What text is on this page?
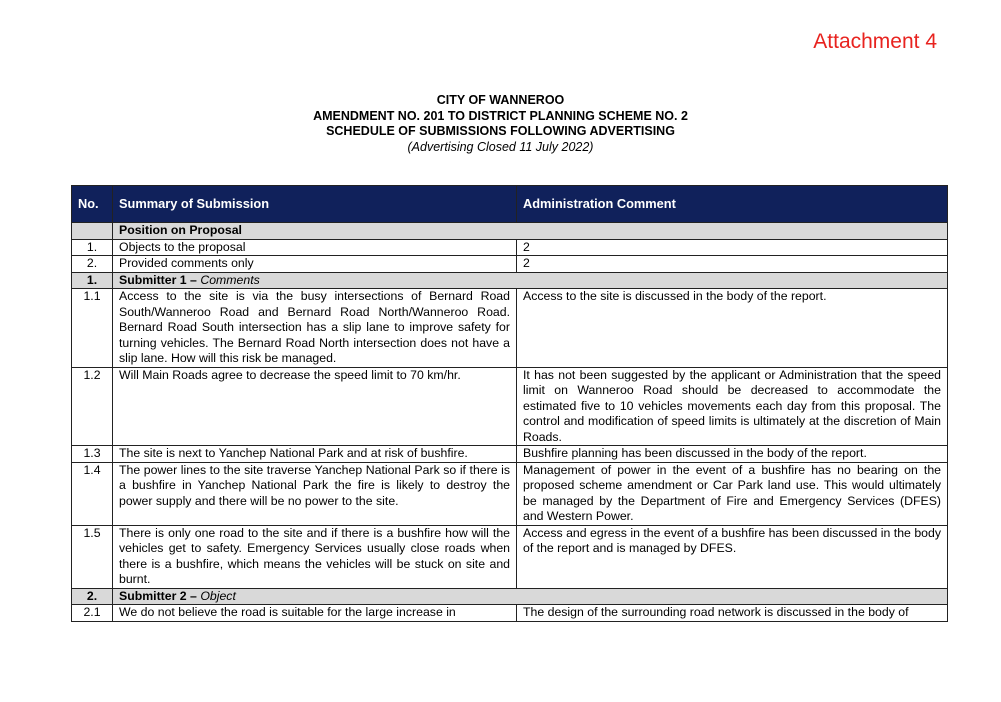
Attachment 4
CITY OF WANNEROO
AMENDMENT NO. 201 TO DISTRICT PLANNING SCHEME NO. 2
SCHEDULE OF SUBMISSIONS FOLLOWING ADVERTISING
(Advertising Closed 11 July 2022)
No.	Summary of Submission	Administration Comment
	Position on Proposal	
1.	Objects to the proposal	2
2.	Provided comments only	2
1.	Submitter 1 – Comments	
1.1	Access to the site is via the busy intersections of Bernard Road South/Wanneroo Road and Bernard Road North/Wanneroo Road. Bernard Road South intersection has a slip lane to improve safety for turning vehicles. The Bernard Road North intersection does not have a slip lane. How will this risk be managed.	Access to the site is discussed in the body of the report.
1.2	Will Main Roads agree to decrease the speed limit to 70 km/hr.	It has not been suggested by the applicant or Administration that the speed limit on Wanneroo Road should be decreased to accommodate the estimated five to 10 vehicles movements each day from this proposal. The control and modification of speed limits is ultimately at the discretion of Main Roads.
1.3	The site is next to Yanchep National Park and at risk of bushfire.	Bushfire planning has been discussed in the body of the report.
1.4	The power lines to the site traverse Yanchep National Park so if there is a bushfire in Yanchep National Park the fire is likely to destroy the power supply and there will be no power to the site.	Management of power in the event of a bushfire has no bearing on the proposed scheme amendment or Car Park land use. This would ultimately be managed by the Department of Fire and Emergency Services (DFES) and Western Power.
1.5	There is only one road to the site and if there is a bushfire how will the vehicles get to safety. Emergency Services usually close roads when there is a bushfire, which means the vehicles will be stuck on site and burnt.	Access and egress in the event of a bushfire has been discussed in the body of the report and is managed by DFES.
2.	Submitter 2 – Object	
2.1	We do not believe the road is suitable for the large increase in	The design of the surrounding road network is discussed in the body of
